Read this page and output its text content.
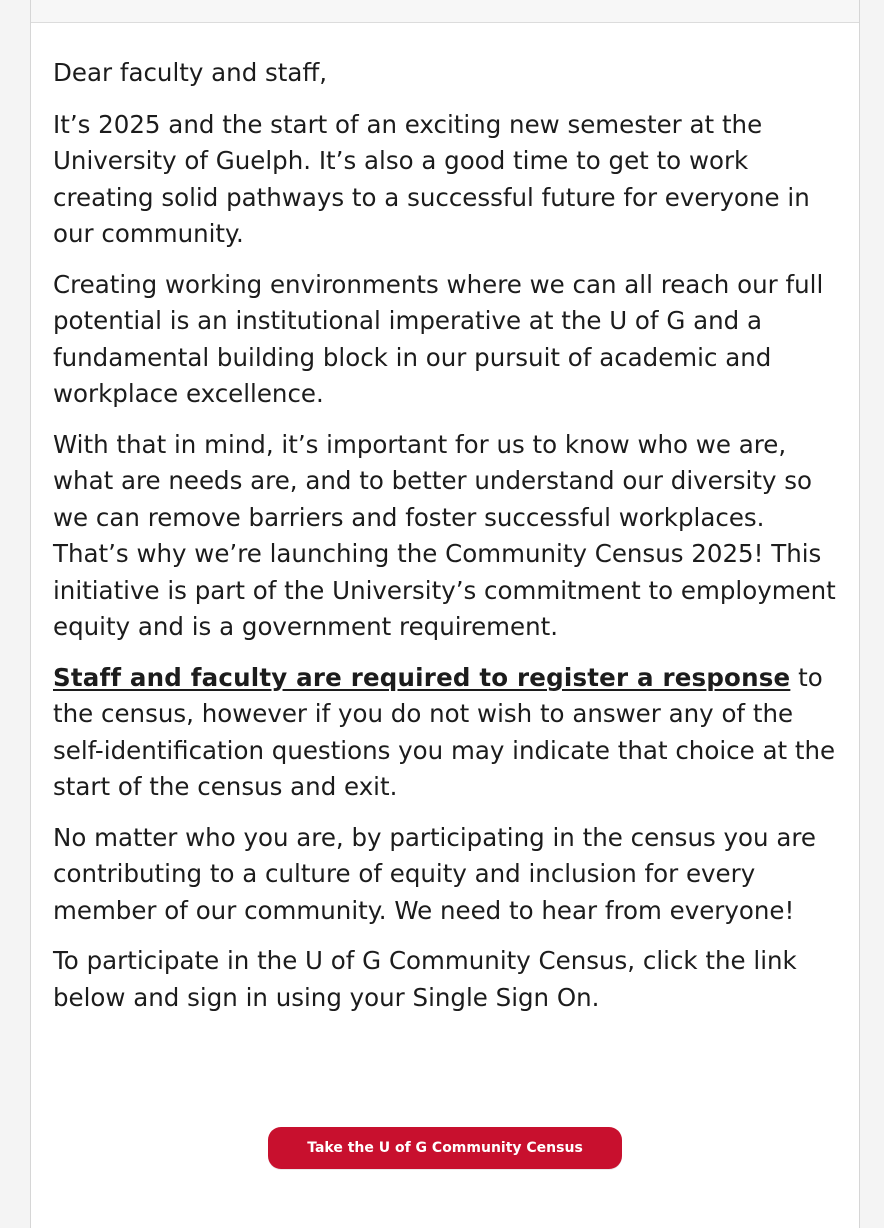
Dear faculty and staff,

It’s 2025 and the start of an exciting new semester at the University of Guelph. It’s also a good time to get to work creating solid pathways to a successful future for everyone in our community.

Creating working environments where we can all reach our full potential is an institutional imperative at the U of G and a fundamental building block in our pursuit of academic and workplace excellence.

With that in mind, it’s important for us to know who we are, what are needs are, and to better understand our diversity so we can remove barriers and foster successful workplaces. That’s why we’re launching the Community Census 2025! This initiative is part of the University’s commitment to employment equity and is a government requirement.

Staff and faculty are required to register a response to the census, however if you do not wish to answer any of the self-identification questions you may indicate that choice at the start of the census and exit.

No matter who you are, by participating in the census you are contributing to a culture of equity and inclusion for every member of our community. We need to hear from everyone!

To participate in the U of G Community Census, click the link below and sign in using your Single Sign On.

Take the U of G Community Census
